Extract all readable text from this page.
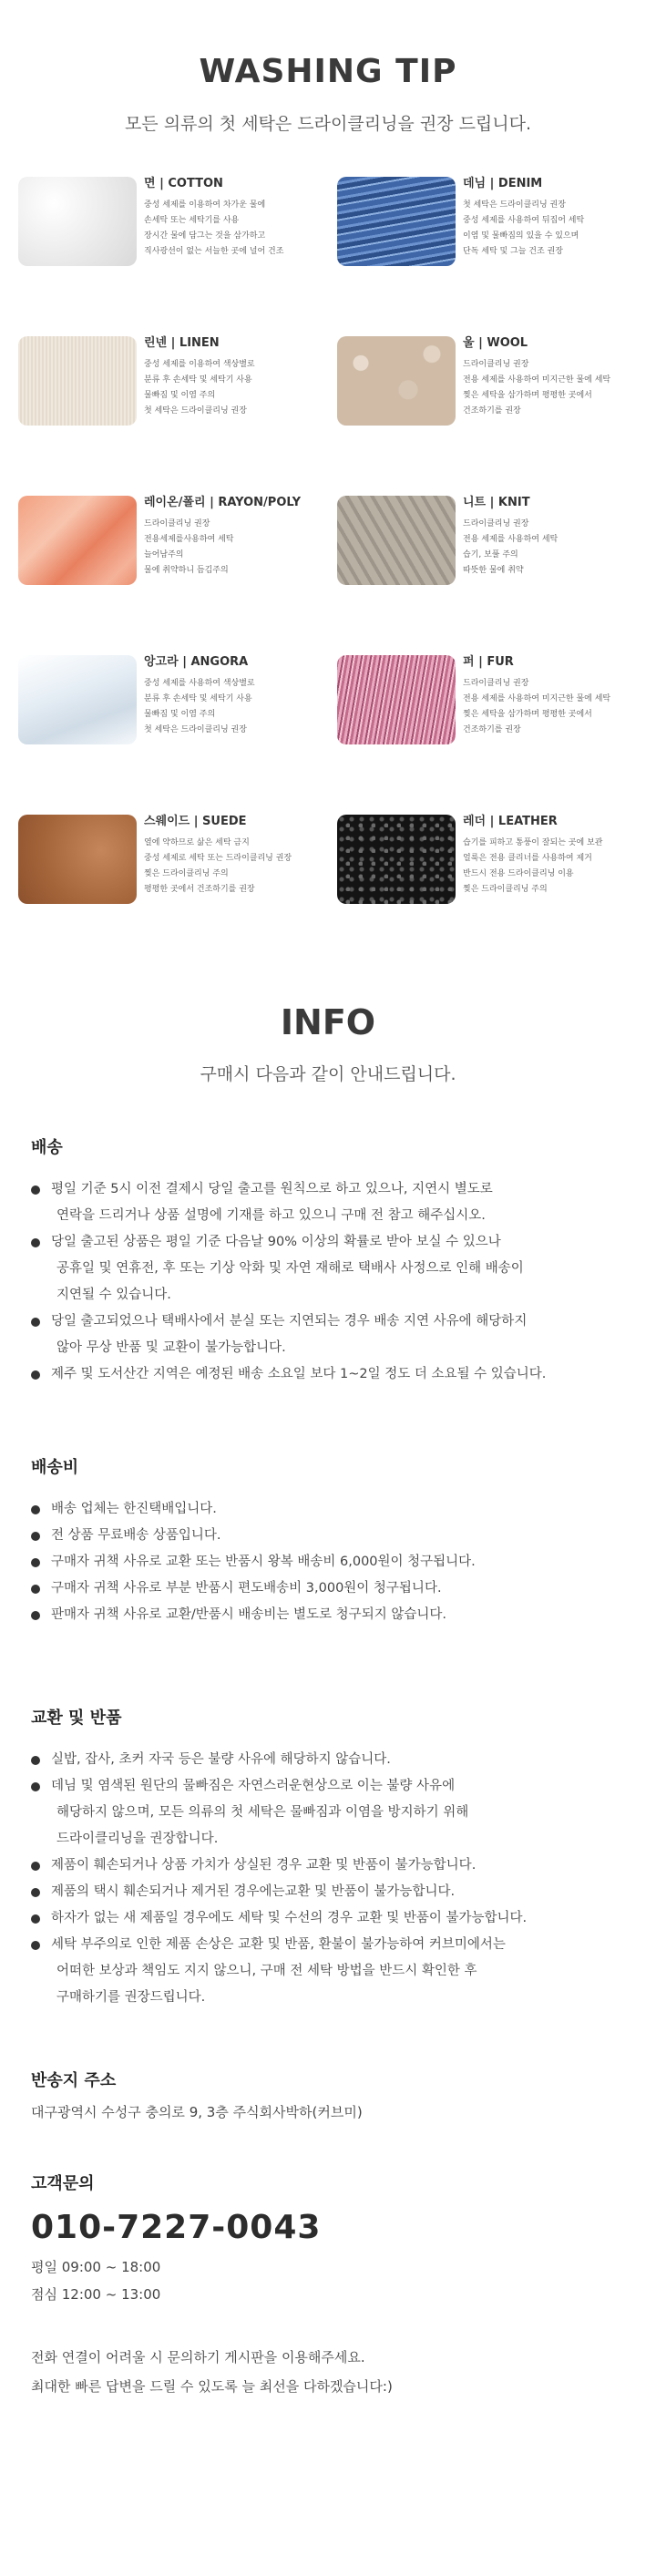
WASHING TIP

모든 의류의 첫 세탁은 드라이클리닝을 권장 드립니다.

면 | COTTON
중성 세제를 이용하여 차가운 물에
손세탁 또는 세탁기를 사용
장시간 물에 담그는 것을 삼가하고
직사광선이 없는 서늘한 곳에 널어 건조
데님 | DENIM
첫 세탁은 드라이클리닝 권장
중성 세제를 사용하여 뒤집어 세탁
이염 및 물빠짐의 있을 수 있으며
단독 세탁 및 그늘 건조 권장
린넨 | LINEN
중성 세제를 이용하여 색상별로
분류 후 손세탁 및 세탁기 사용
물빠짐 및 이염 주의
첫 세탁은 드라이클리닝 권장
울 | WOOL
드라이클리닝 권장
전용 세제를 사용하여 미지근한 물에 세탁
찢은 세탁을 삼가하며 평평한 곳에서
건조하기를 권장
레이온/폴리 | RAYON/POLY
드라이클리닝 권장
전용세제를사용하여 세탁
늘어남주의
물에 취약하니 듬김주의
니트 | KNIT
드라이클리닝 권장
전용 세제를 사용하여 세탁
습기, 보풀 주의
따뜻한 물에 취약
앙고라 | ANGORA
중성 세제를 사용하여 색상별로
분류 후 손세탁 및 세탁기 사용
물빠짐 및 이염 주의
첫 세탁은 드라이클리닝 권장
퍼 | FUR
드라이클리닝 권장
전용 세제를 사용하여 미지근한 물에 세탁
찢은 세탁을 삼가하며 평평한 곳에서
건조하기를 권장
스웨이드 | SUEDE
열에 약하므로 삶은 세탁 금지
중성 세제로 세탁 또는 드라이클리닝 권장
찢은 드라이클리닝 주의
평평한 곳에서 건조하기를 권장
레더 | LEATHER
습기를 피하고 통풍이 잘되는 곳에 보관
얼룩은 전용 클리너를 사용하여 제거
반드시 전용 드라이클리닝 이용
찢은 드라이클리닝 주의
INFO

구매시 다음과 같이 안내드립니다.

배송
평일 기준 5시 이전 결제시 당일 출고를 원칙으로 하고 있으나, 지연시 별도로
연락을 드리거나 상품 설명에 기재를 하고 있으니 구매 전 참고 해주십시오.
당일 출고된 상품은 평일 기준 다음날 90% 이상의 확률로 받아 보실 수 있으나
공휴일 및 연휴전, 후 또는 기상 악화 및 자연 재해로 택배사 사정으로 인해 배송이
지연될 수 있습니다.
당일 출고되었으나 택배사에서 분실 또는 지연되는 경우 배송 지연 사유에 해당하지
않아 무상 반품 및 교환이 불가능합니다.
제주 및 도서산간 지역은 예정된 배송 소요일 보다 1~2일 정도 더 소요될 수 있습니다.
배송비
배송 업체는 한진택배입니다.
전 상품 무료배송 상품입니다.
구매자 귀책 사유로 교환 또는 반품시 왕복 배송비 6,000원이 청구됩니다.
구매자 귀책 사유로 부분 반품시 편도배송비 3,000원이 청구됩니다.
판매자 귀책 사유로 교환/반품시 배송비는 별도로 청구되지 않습니다.
교환 및 반품
실밥, 잡사, 초커 자국 등은 불량 사유에 해당하지 않습니다.
데님 및 염색된 원단의 물빠짐은 자연스러운현상으로 이는 불량 사유에
해당하지 않으며, 모든 의류의 첫 세탁은 물빠짐과 이염을 방지하기 위해
드라이클리닝을 권장합니다.
제품이 훼손되거나 상품 가치가 상실된 경우 교환 및 반품이 불가능합니다.
제품의 택시 훼손되거나 제거된 경우에는교환 및 반품이 불가능합니다.
하자가 없는 새 제품일 경우에도 세탁 및 수선의 경우 교환 및 반품이 불가능합니다.
세탁 부주의로 인한 제품 손상은 교환 및 반품, 환불이 불가능하여 커브미에서는
어떠한 보상과 책임도 지지 않으니, 구매 전 세탁 방법을 반드시 확인한 후
구매하기를 권장드립니다.
반송지 주소

대구광역시 수성구 충의로 9, 3층 주식회사박하(커브미)

고객문의
010-7227-0043
평일 09:00 ~ 18:00
점심 12:00 ~ 13:00
전화 연결이 어려울 시 문의하기 게시판을 이용해주세요.
최대한 빠른 답변을 드릴 수 있도록 늘 최선을 다하겠습니다:)
